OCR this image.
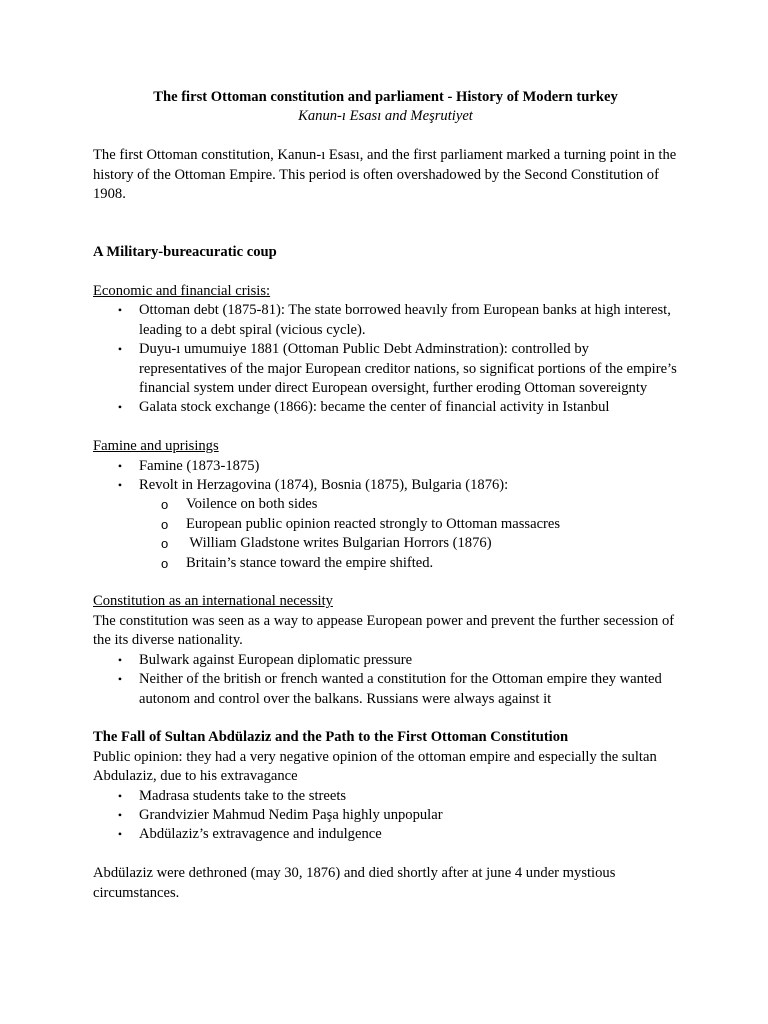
The first Ottoman constitution and parliament - History of Modern turkey

Kanun-ı Esası and Meşrutiyet

The first Ottoman constitution, Kanun-ı Esası, and the first parliament marked a turning point in the history of the Ottoman Empire. This period is often overshadowed by the Second Constitution of 1908.

A Military-bureacuratic coup

Economic and financial crisis:

•	Ottoman debt (1875-81): The state borrowed heavıly from European banks at high interest, leading to a debt spiral (vicious cycle).
•	Duyu-ı umumuiye 1881 (Ottoman Public Debt Adminstration): controlled by representatives of the major European creditor nations, so significat portions of the empire’s financial system under direct European oversight, further eroding Ottoman sovereignty
•	Galata stock exchange (1866): became the center of financial activity in Istanbul

Famine and uprisings

•	Famine (1873-1875)
•	Revolt in Herzagovina (1874), Bosnia (1875), Bulgaria (1876):
o	Voilence on both sides
o	European public opinion reacted strongly to Ottoman massacres
o	William Gladstone writes Bulgarian Horrors (1876)
o	Britain’s stance toward the empire shifted.

Constitution as an international necessity

The constitution was seen as a way to appease European power and prevent the further secession of the its diverse nationality.

•	Bulwark against European diplomatic pressure
•	Neither of the british or french wanted a constitution for the Ottoman empire they wanted autonom and control over the balkans. Russians were always against it

The Fall of Sultan Abdülaziz and the Path to the First Ottoman Constitution

Public opinion: they had a very negative opinion of the ottoman empire and especially the sultan Abdulaziz, due to his extravagance

•	Madrasa students take to the streets
•	Grandvizier Mahmud Nedim Paşa highly unpopular
•	Abdülaziz’s extravagence and indulgence

Abdülaziz were dethroned (may 30, 1876) and died shortly after at june 4 under mystious circumstances.
